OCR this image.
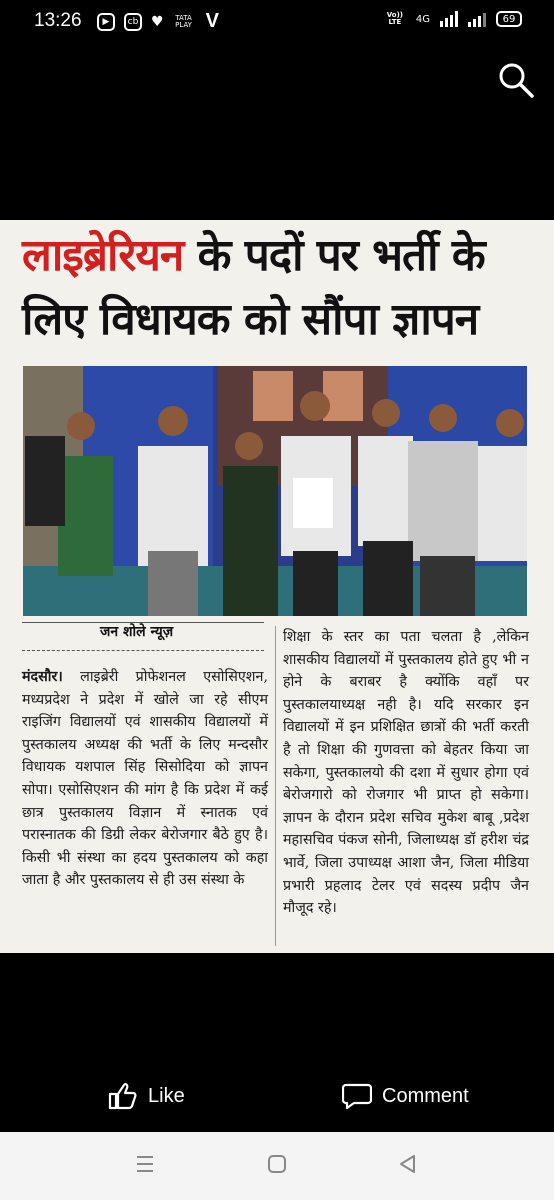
13:26	▶	cb ♥	TATA PLAY V	Vo)) LTE	4G	69
लाइब्रेरियन के पदों पर भर्ती के
लिए विधायक को सौंपा ज्ञापन
जन शोले न्यूज़
मंदसौर। लाइब्रेरी प्रोफेशनल एसोसिएशन, मध्यप्रदेश ने प्रदेश में खोले जा रहे सीएम राइजिंग विद्यालयों एवं शासकीय विद्यालयों में पुस्तकालय अध्यक्ष की भर्ती के लिए मन्दसौर विधायक यशपाल सिंह सिसोदिया को ज्ञापन सोपा। एसोसिएशन की मांग है कि प्रदेश में कई छात्र पुस्तकालय विज्ञान में स्नातक एवं परास्नातक की डिग्री लेकर बेरोजगार बैठे हुए है। किसी भी संस्था का हदय पुस्तकालय को कहा जाता है और पुस्तकालय से ही उस संस्था के
शिक्षा के स्तर का पता चलता है ,लेकिन शासकीय विद्यालयों में पुस्तकालय होते हुए भी न होने के बराबर है क्योंकि वहाँ पर पुस्तकालयाध्यक्ष नही है। यदि सरकार इन विद्यालयों में इन प्रशिक्षित छात्रों की भर्ती करती है तो शिक्षा की गुणवत्ता को बेहतर किया जा सकेगा, पुस्तकालयो की दशा में सुधार होगा एवं बेरोजगारो को रोजगार भी प्राप्त हो सकेगा। ज्ञापन के दौरान प्रदेश सचिव मुकेश बाबू ,प्रदेश महासचिव पंकज सोनी, जिलाध्यक्ष डॉ हरीश चंद्र भार्वे, जिला उपाध्यक्ष आशा जैन, जिला मीडिया प्रभारी प्रहलाद टेलर एवं सदस्य प्रदीप जैन मौजूद रहे।
Like	Comment
